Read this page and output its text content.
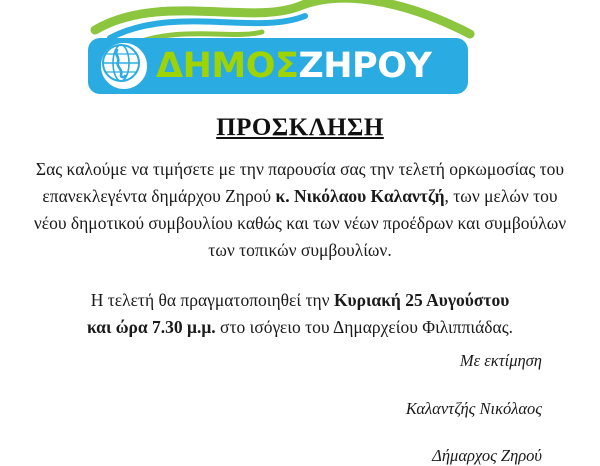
ΔΗΜΟΣΖΗΡΟΥ
ΠΡΟΣΚΛΗΣΗ
Σας καλούμε να τιμήσετε με την παρουσία σας την τελετή ορκωμοσίας του
επανεκλεγέντα δημάρχου Ζηρού κ. Νικόλαου Καλαντζή, των μελών του
νέου δημοτικού συμβουλίου καθώς και των νέων προέδρων και συμβούλων
των τοπικών συμβουλίων.
Η τελετή θα πραγματοποιηθεί την Κυριακή 25 Αυγούστου
και ώρα 7.30 μ.μ. στο ισόγειο του Δημαρχείου Φιλιππιάδας.
Με εκτίμηση
Καλαντζής Νικόλαος
Δήμαρχος Ζηρού
